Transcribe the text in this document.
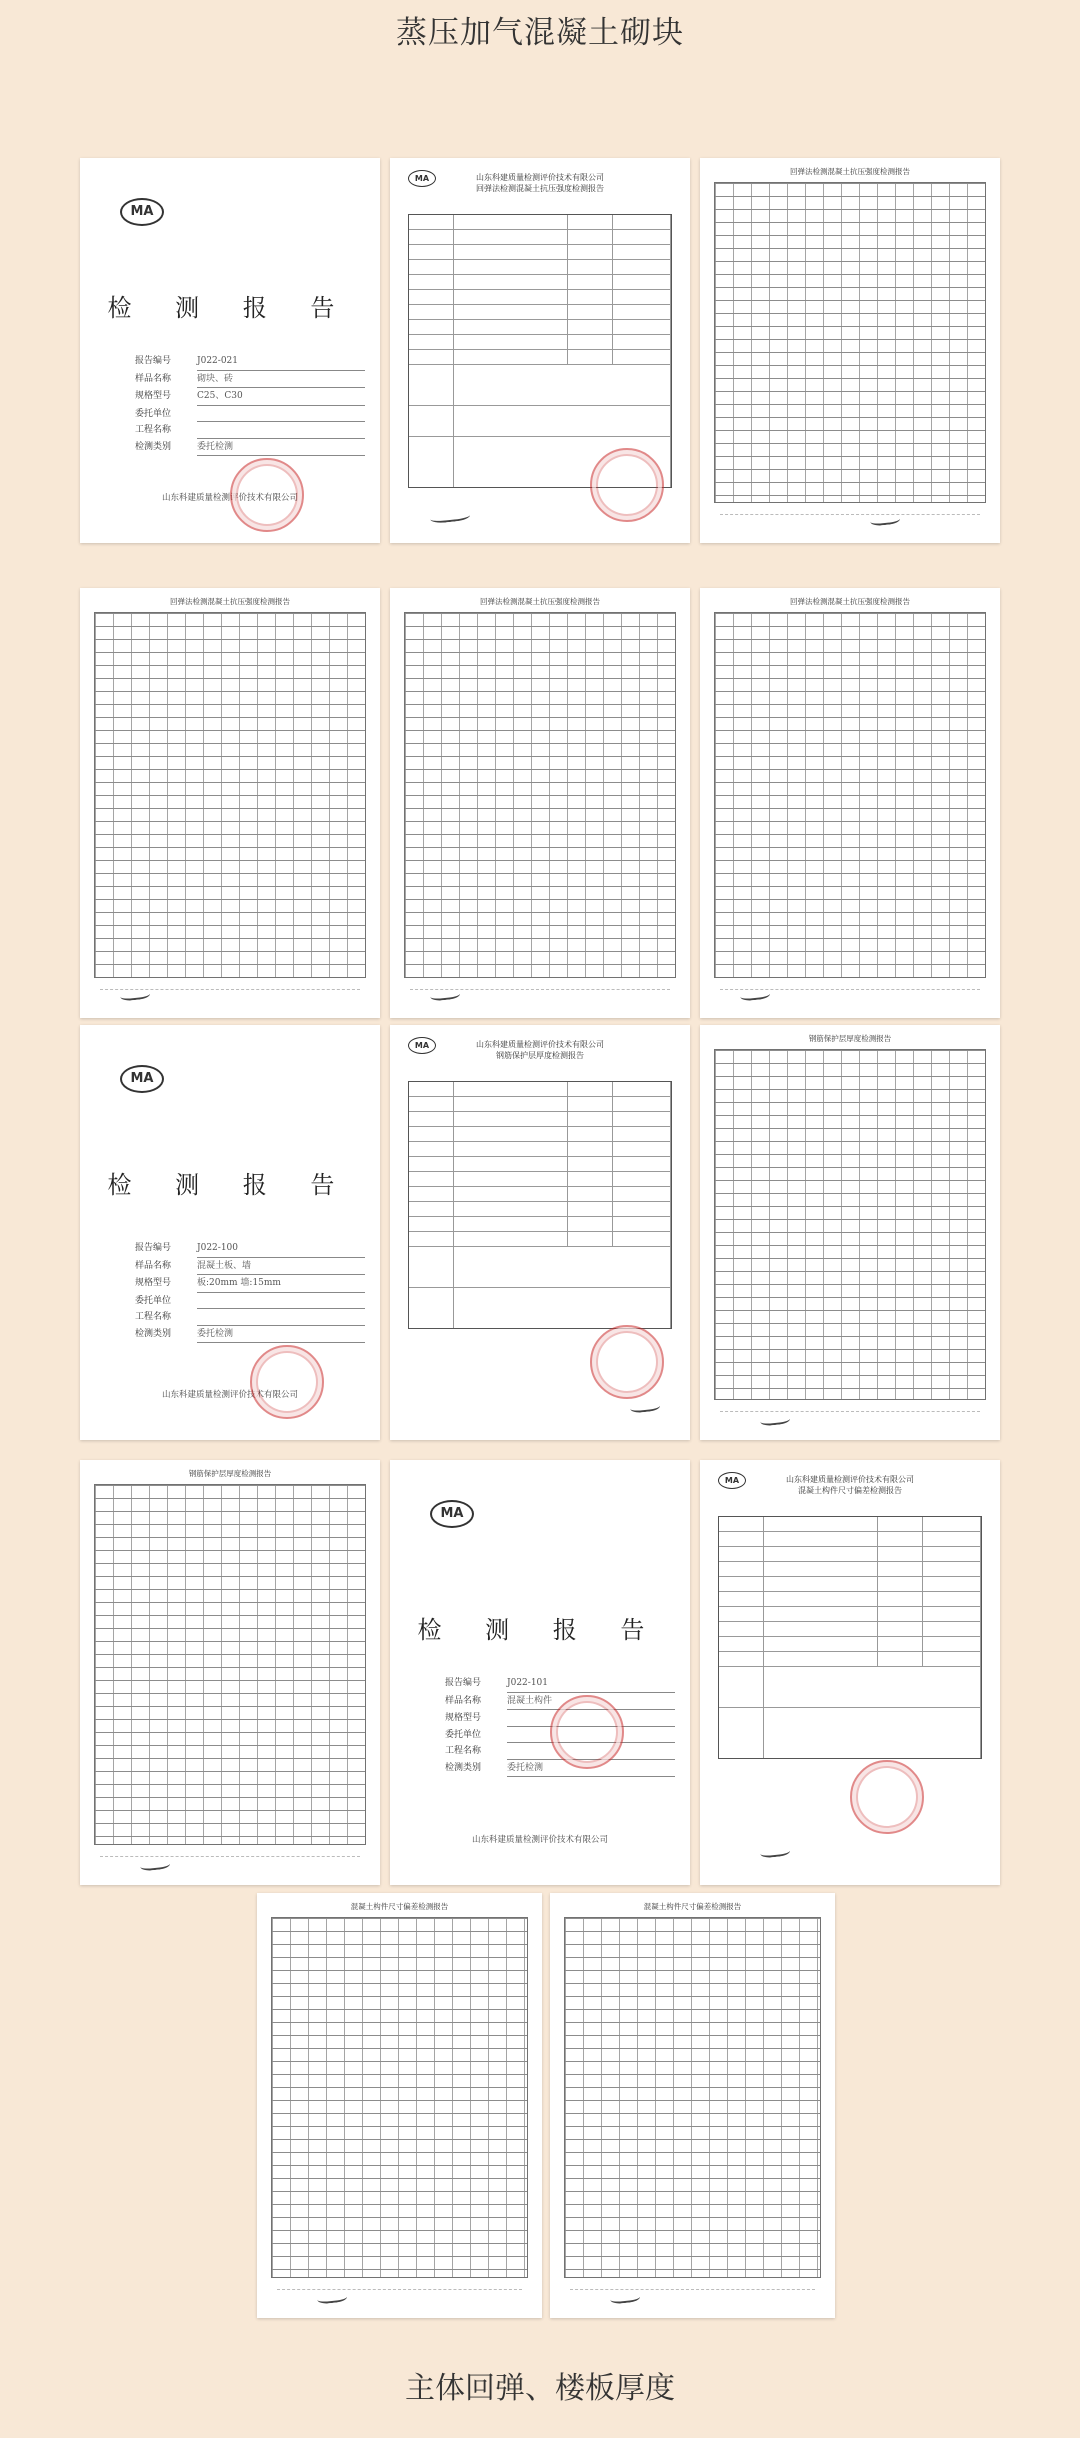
蒸压加气混凝土砌块
MA
检 测 报 告
报告编号	J022-021
样品名称	砌块、砖
规格型号	C25、C30
委托单位
工程名称
检测类别	委托检测
山东科建质量检测评价技术有限公司
MA	山东科建质量检测评价技术有限公司
回弹法检测混凝土抗压强度检测报告
回弹法检测混凝土抗压强度检测报告
回弹法检测混凝土抗压强度检测报告	回弹法检测混凝土抗压强度检测报告	回弹法检测混凝土抗压强度检测报告
MA
检 测 报 告
报告编号	J022-100
样品名称	混凝土板、墙
规格型号	板:20mm 墙:15mm
委托单位
工程名称
检测类别	委托检测
山东科建质量检测评价技术有限公司
MA	山东科建质量检测评价技术有限公司
钢筋保护层厚度检测报告
钢筋保护层厚度检测报告
钢筋保护层厚度检测报告
MA
检 测 报 告
报告编号	J022-101
样品名称	混凝土构件
规格型号
委托单位
工程名称
检测类别	委托检测
山东科建质量检测评价技术有限公司
MA	山东科建质量检测评价技术有限公司
混凝土构件尺寸偏差检测报告
混凝土构件尺寸偏差检测报告	混凝土构件尺寸偏差检测报告
主体回弹、楼板厚度
